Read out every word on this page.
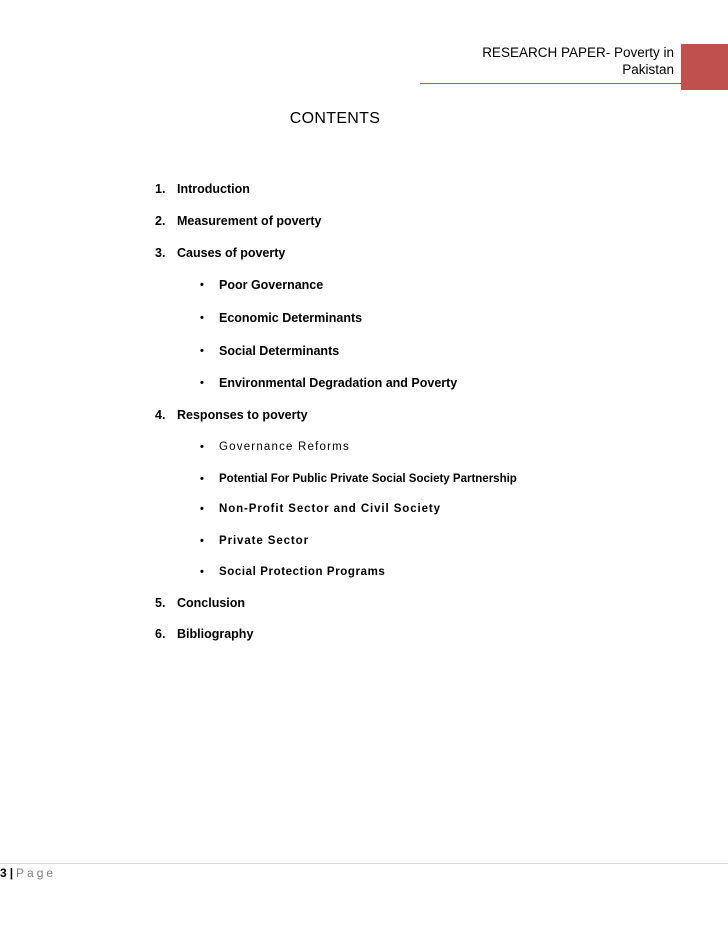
RESEARCH PAPER- Poverty in
Pakistan
CONTENTS
1. Introduction
2. Measurement of poverty
3. Causes of poverty
• Poor Governance
• Economic Determinants
• Social Determinants
• Environmental Degradation and Poverty
4. Responses to poverty
• Governance Reforms
• Potential For Public Private Social Society Partnership
• Non-Profit Sector and Civil Society
• Private Sector
• Social Protection Programs
5. Conclusion
6. Bibliography
3 | Page
